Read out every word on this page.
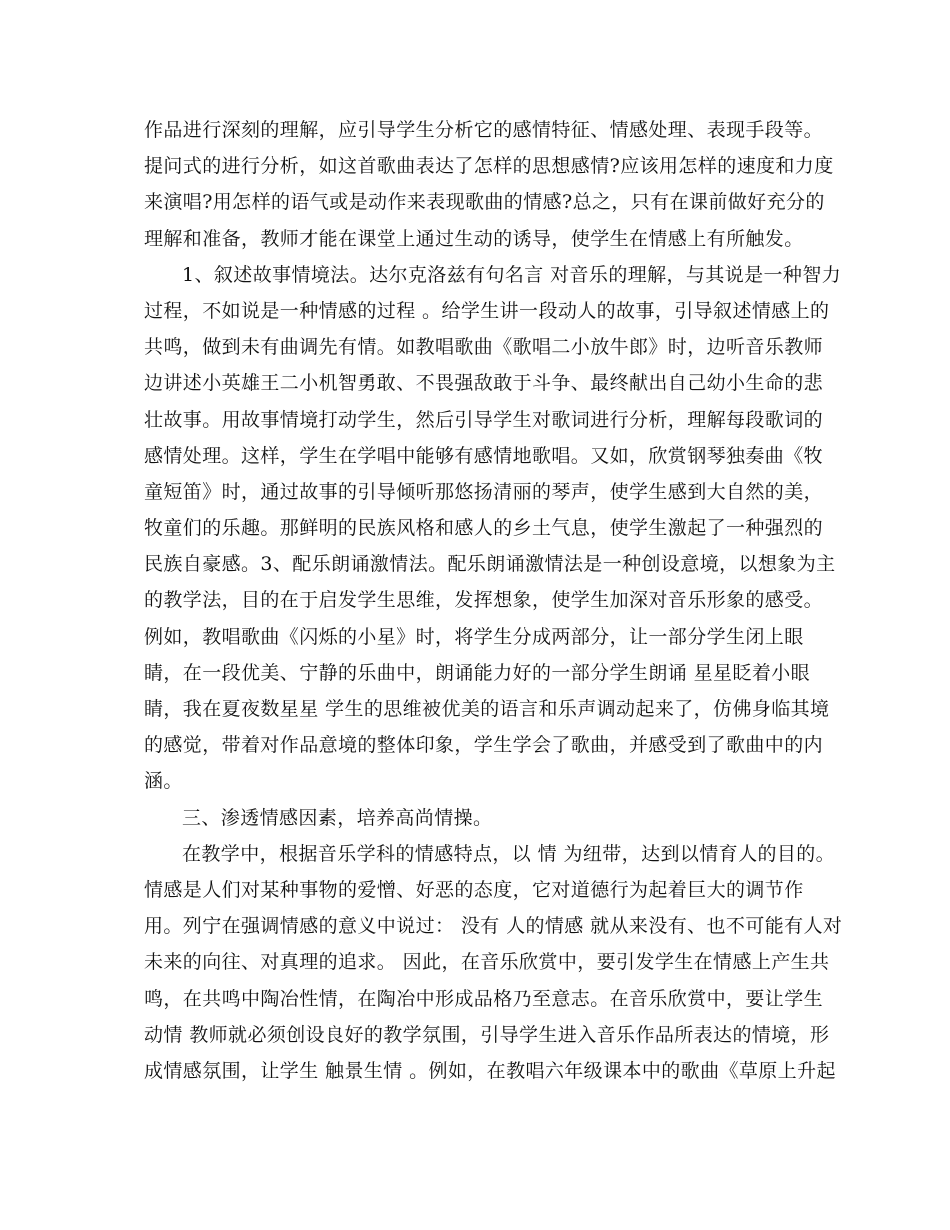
作品进行深刻的理解，应引导学生分析它的感情特征、情感处理、表现手段等。
提问式的进行分析，如这首歌曲表达了怎样的思想感情?应该用怎样的速度和力度
来演唱?用怎样的语气或是动作来表现歌曲的情感?总之，只有在课前做好充分的
理解和准备，教师才能在课堂上通过生动的诱导，使学生在情感上有所触发。
1、叙述故事情境法。达尔克洛兹有句名言 对音乐的理解，与其说是一种智力
过程，不如说是一种情感的过程 。给学生讲一段动人的故事，引导叙述情感上的
共鸣，做到未有曲调先有情。如教唱歌曲《歌唱二小放牛郎》时，边听音乐教师
边讲述小英雄王二小机智勇敢、不畏强敌敢于斗争、最终献出自己幼小生命的悲
壮故事。用故事情境打动学生，然后引导学生对歌词进行分析，理解每段歌词的
感情处理。这样，学生在学唱中能够有感情地歌唱。又如，欣赏钢琴独奏曲《牧
童短笛》时，通过故事的引导倾听那悠扬清丽的琴声，使学生感到大自然的美，
牧童们的乐趣。那鲜明的民族风格和感人的乡土气息，使学生激起了一种强烈的
民族自豪感。3、配乐朗诵激情法。配乐朗诵激情法是一种创设意境，以想象为主
的教学法，目的在于启发学生思维，发挥想象，使学生加深对音乐形象的感受。
例如，教唱歌曲《闪烁的小星》时，将学生分成两部分，让一部分学生闭上眼
睛，在一段优美、宁静的乐曲中，朗诵能力好的一部分学生朗诵 星星眨着小眼
睛，我在夏夜数星星 学生的思维被优美的语言和乐声调动起来了，仿佛身临其境
的感觉，带着对作品意境的整体印象，学生学会了歌曲，并感受到了歌曲中的内
涵。
三、渗透情感因素，培养高尚情操。
在教学中，根据音乐学科的情感特点，以 情 为纽带，达到以情育人的目的。
情感是人们对某种事物的爱憎、好恶的态度，它对道德行为起着巨大的调节作
用。列宁在强调情感的意义中说过： 没有 人的情感 就从来没有、也不可能有人对
未来的向往、对真理的追求。 因此，在音乐欣赏中，要引发学生在情感上产生共
鸣，在共鸣中陶冶性情，在陶冶中形成品格乃至意志。在音乐欣赏中，要让学生
动情 教师就必须创设良好的教学氛围，引导学生进入音乐作品所表达的情境，形
成情感氛围，让学生 触景生情 。例如，在教唱六年级课本中的歌曲《草原上升起
